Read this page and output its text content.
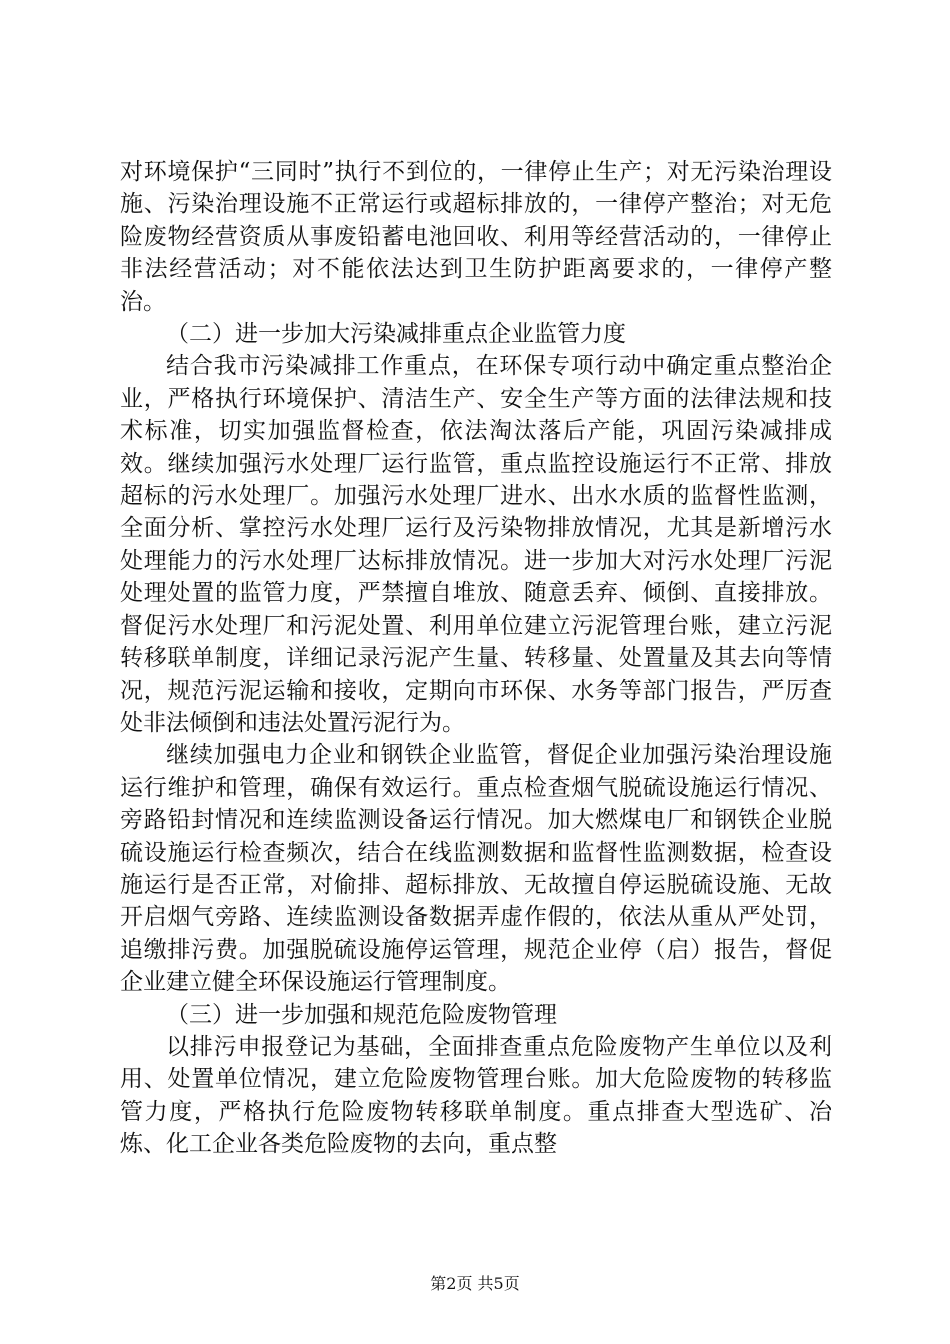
对环境保护“三同时”执行不到位的，一律停止生产；对无污染治理设施、污染治理设施不正常运行或超标排放的，一律停产整治；对无危险废物经营资质从事废铅蓄电池回收、利用等经营活动的，一律停止非法经营活动；对不能依法达到卫生防护距离要求的，一律停产整治。

（二）进一步加大污染减排重点企业监管力度

结合我市污染减排工作重点，在环保专项行动中确定重点整治企业，严格执行环境保护、清洁生产、安全生产等方面的法律法规和技术标准，切实加强监督检查，依法淘汰落后产能，巩固污染减排成效。继续加强污水处理厂运行监管，重点监控设施运行不正常、排放超标的污水处理厂。加强污水处理厂进水、出水水质的监督性监测，全面分析、掌控污水处理厂运行及污染物排放情况，尤其是新增污水处理能力的污水处理厂达标排放情况。进一步加大对污水处理厂污泥处理处置的监管力度，严禁擅自堆放、随意丢弃、倾倒、直接排放。督促污水处理厂和污泥处置、利用单位建立污泥管理台账，建立污泥转移联单制度，详细记录污泥产生量、转移量、处置量及其去向等情况，规范污泥运输和接收，定期向市环保、水务等部门报告，严厉查处非法倾倒和违法处置污泥行为。

继续加强电力企业和钢铁企业监管，督促企业加强污染治理设施运行维护和管理，确保有效运行。重点检查烟气脱硫设施运行情况、旁路铅封情况和连续监测设备运行情况。加大燃煤电厂和钢铁企业脱硫设施运行检查频次，结合在线监测数据和监督性监测数据，检查设施运行是否正常，对偷排、超标排放、无故擅自停运脱硫设施、无故开启烟气旁路、连续监测设备数据弄虚作假的，依法从重从严处罚，追缴排污费。加强脱硫设施停运管理，规范企业停（启）报告，督促企业建立健全环保设施运行管理制度。

（三）进一步加强和规范危险废物管理

以排污申报登记为基础，全面排查重点危险废物产生单位以及利用、处置单位情况，建立危险废物管理台账。加大危险废物的转移监管力度，严格执行危险废物转移联单制度。重点排查大型选矿、冶炼、化工企业各类危险废物的去向，重点整

第2页 共5页
